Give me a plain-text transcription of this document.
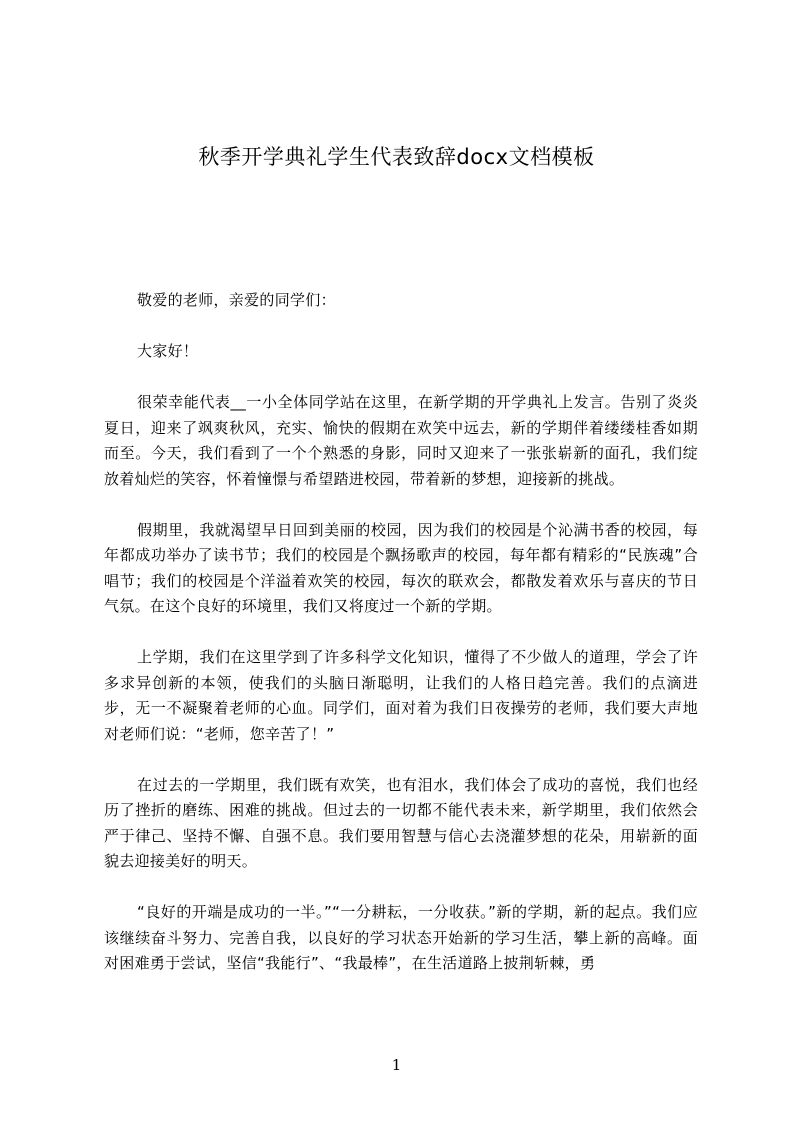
秋季开学典礼学生代表致辞docx文档模板

敬爱的老师，亲爱的同学们：

大家好！

很荣幸能代表__一小全体同学站在这里，在新学期的开学典礼上发言。告别了炎炎夏日，迎来了飒爽秋风，充实、愉快的假期在欢笑中远去，新的学期伴着缕缕桂香如期而至。今天，我们看到了一个个熟悉的身影，同时又迎来了一张张崭新的面孔，我们绽放着灿烂的笑容，怀着憧憬与希望踏进校园，带着新的梦想，迎接新的挑战。

假期里，我就渴望早日回到美丽的校园，因为我们的校园是个沁满书香的校园，每年都成功举办了读书节；我们的校园是个飘扬歌声的校园，每年都有精彩的“民族魂”合唱节；我们的校园是个洋溢着欢笑的校园，每次的联欢会，都散发着欢乐与喜庆的节日气氛。在这个良好的环境里，我们又将度过一个新的学期。

上学期，我们在这里学到了许多科学文化知识，懂得了不少做人的道理，学会了许多求异创新的本领，使我们的头脑日渐聪明，让我们的人格日趋完善。我们的点滴进步，无一不凝聚着老师的心血。同学们，面对着为我们日夜操劳的老师，我们要大声地对老师们说：“老师，您辛苦了！”

在过去的一学期里，我们既有欢笑，也有泪水，我们体会了成功的喜悦，我们也经历了挫折的磨练、困难的挑战。但过去的一切都不能代表未来，新学期里，我们依然会严于律己、坚持不懈、自强不息。我们要用智慧与信心去浇灌梦想的花朵，用崭新的面貌去迎接美好的明天。

“良好的开端是成功的一半。”“一分耕耘，一分收获。”新的学期，新的起点。我们应该继续奋斗努力、完善自我，以良好的学习状态开始新的学习生活，攀上新的高峰。面对困难勇于尝试，坚信“我能行”、“我最棒”，在生活道路上披荆斩棘，勇

1
